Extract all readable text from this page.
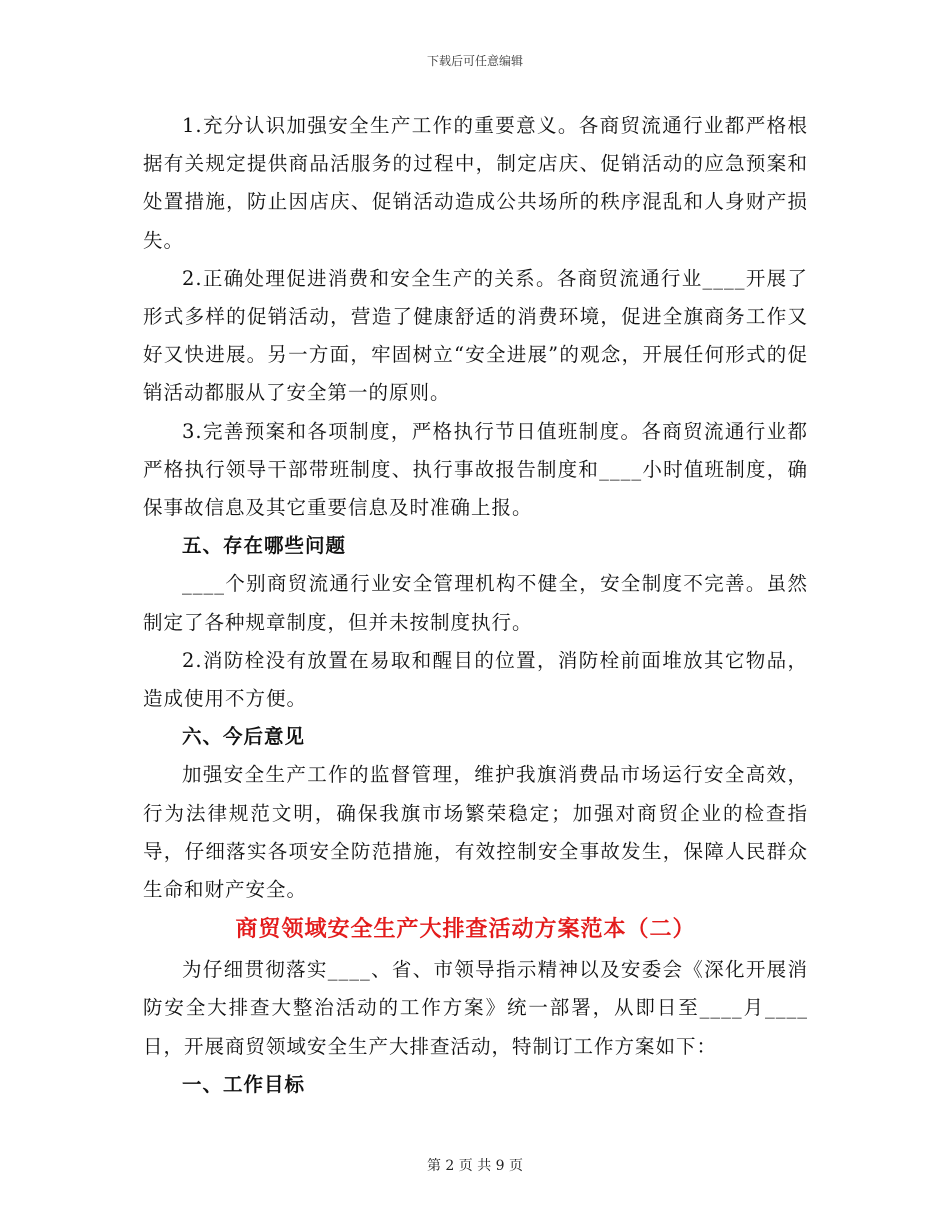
下载后可任意编辑

1.充分认识加强安全生产工作的重要意义。各商贸流通行业都严格根据有关规定提供商品活服务的过程中，制定店庆、促销活动的应急预案和处置措施，防止因店庆、促销活动造成公共场所的秩序混乱和人身财产损失。

2.正确处理促进消费和安全生产的关系。各商贸流通行业____开展了形式多样的促销活动，营造了健康舒适的消费环境，促进全旗商务工作又好又快进展。另一方面，牢固树立“安全进展”的观念，开展任何形式的促销活动都服从了安全第一的原则。

3.完善预案和各项制度，严格执行节日值班制度。各商贸流通行业都严格执行领导干部带班制度、执行事故报告制度和____小时值班制度，确保事故信息及其它重要信息及时准确上报。

五、存在哪些问题

____个别商贸流通行业安全管理机构不健全，安全制度不完善。虽然制定了各种规章制度，但并未按制度执行。

2.消防栓没有放置在易取和醒目的位置，消防栓前面堆放其它物品，造成使用不方便。

六、今后意见

加强安全生产工作的监督管理，维护我旗消费品市场运行安全高效，行为法律规范文明，确保我旗市场繁荣稳定；加强对商贸企业的检查指导，仔细落实各项安全防范措施，有效控制安全事故发生，保障人民群众生命和财产安全。

商贸领域安全生产大排查活动方案范本（二）

为仔细贯彻落实____、省、市领导指示精神以及安委会《深化开展消防安全大排查大整治活动的工作方案》统一部署，从即日至____月____日，开展商贸领域安全生产大排查活动，特制订工作方案如下：

一、工作目标

第 2 页 共 9 页
